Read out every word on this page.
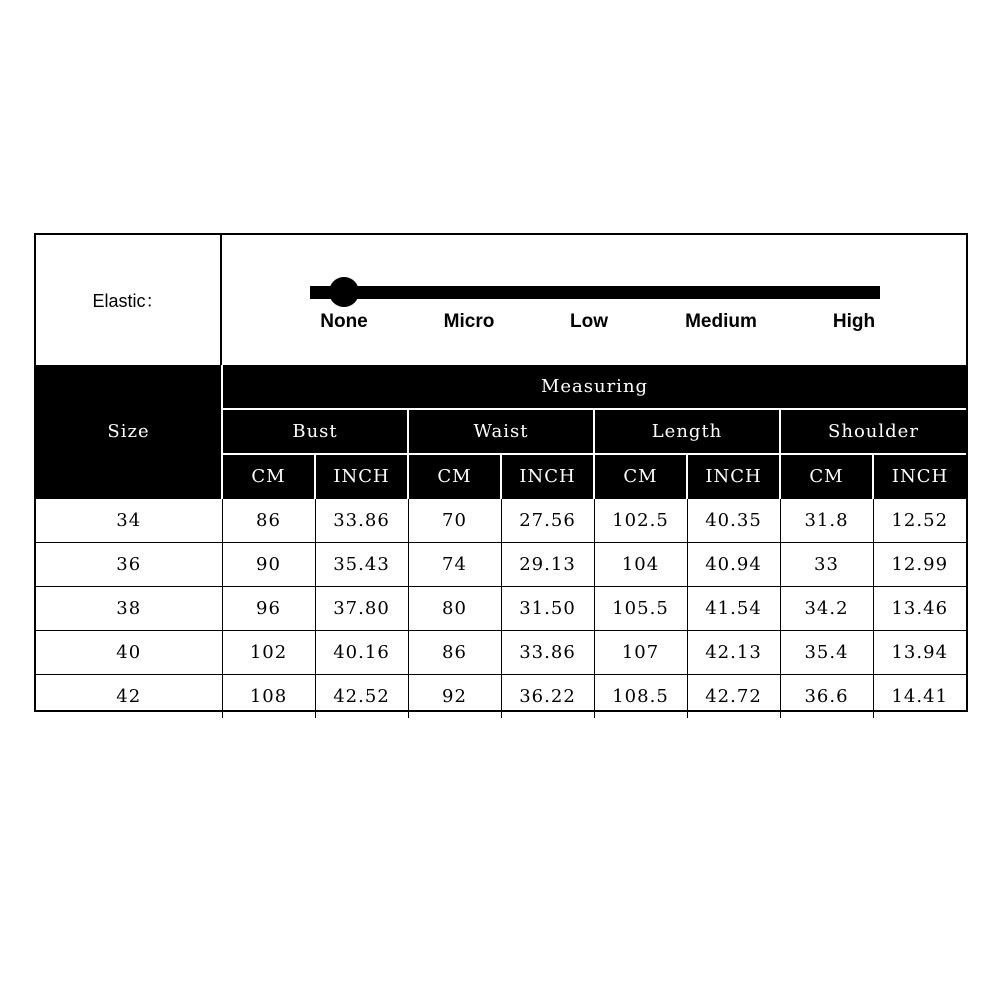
Elastic：
None	Micro	Low	Medium	High
Size	Measuring							
	Bust		Waist		Length		Shoulder	
	CM	INCH	CM	INCH	CM	INCH	CM	INCH
34	86	33.86	70	27.56	102.5	40.35	31.8	12.52
36	90	35.43	74	29.13	104	40.94	33	12.99
38	96	37.80	80	31.50	105.5	41.54	34.2	13.46
40	102	40.16	86	33.86	107	42.13	35.4	13.94
42	108	42.52	92	36.22	108.5	42.72	36.6	14.41
